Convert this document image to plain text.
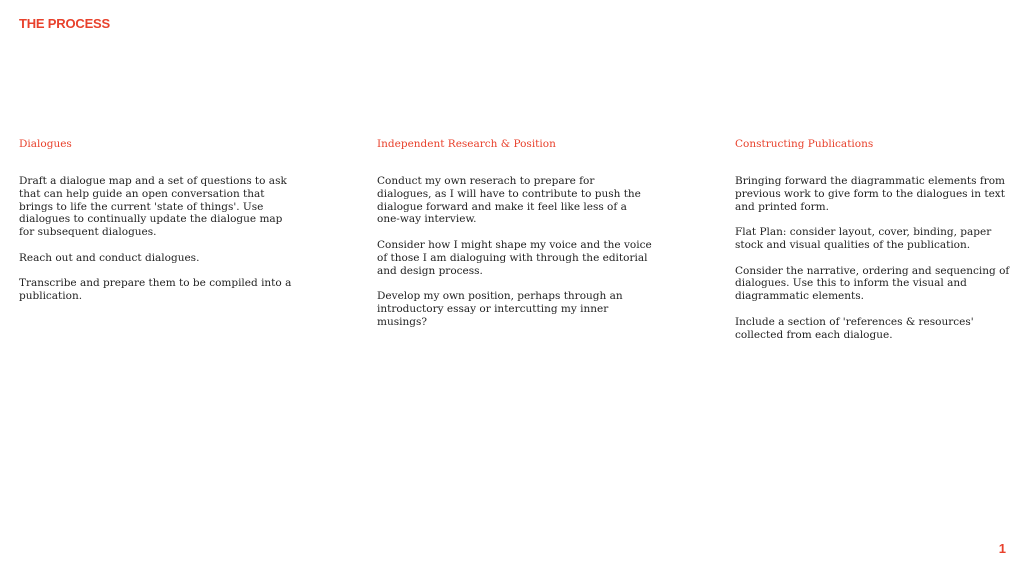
THE PROCESS
Dialogues

Draft a dialogue map and a set of questions to ask that can help guide an open conversation that brings to life the current 'state of things'. Use dialogues to continually update the dialogue map for subsequent dialogues.

Reach out and conduct dialogues.

Transcribe and prepare them to be compiled into a publication.

Independent Research & Position

Conduct my own reserach to prepare for dialogues, as I will have to contribute to push the dialogue forward and make it feel like less of a one-way interview.

Consider how I might shape my voice and the voice of those I am dialoguing with through the editorial and design process.

Develop my own position, perhaps through an introductory essay or intercutting my inner musings?

Constructing Publications

Bringing forward the diagrammatic elements from previous work to give form to the dialogues in text and printed form.

Flat Plan: consider layout, cover, binding, paper stock and visual qualities of the publication.

Consider the narrative, ordering and sequencing of dialogues. Use this to inform the visual and diagrammatic elements.

Include a section of 'references & resources' collected from each dialogue.

1
